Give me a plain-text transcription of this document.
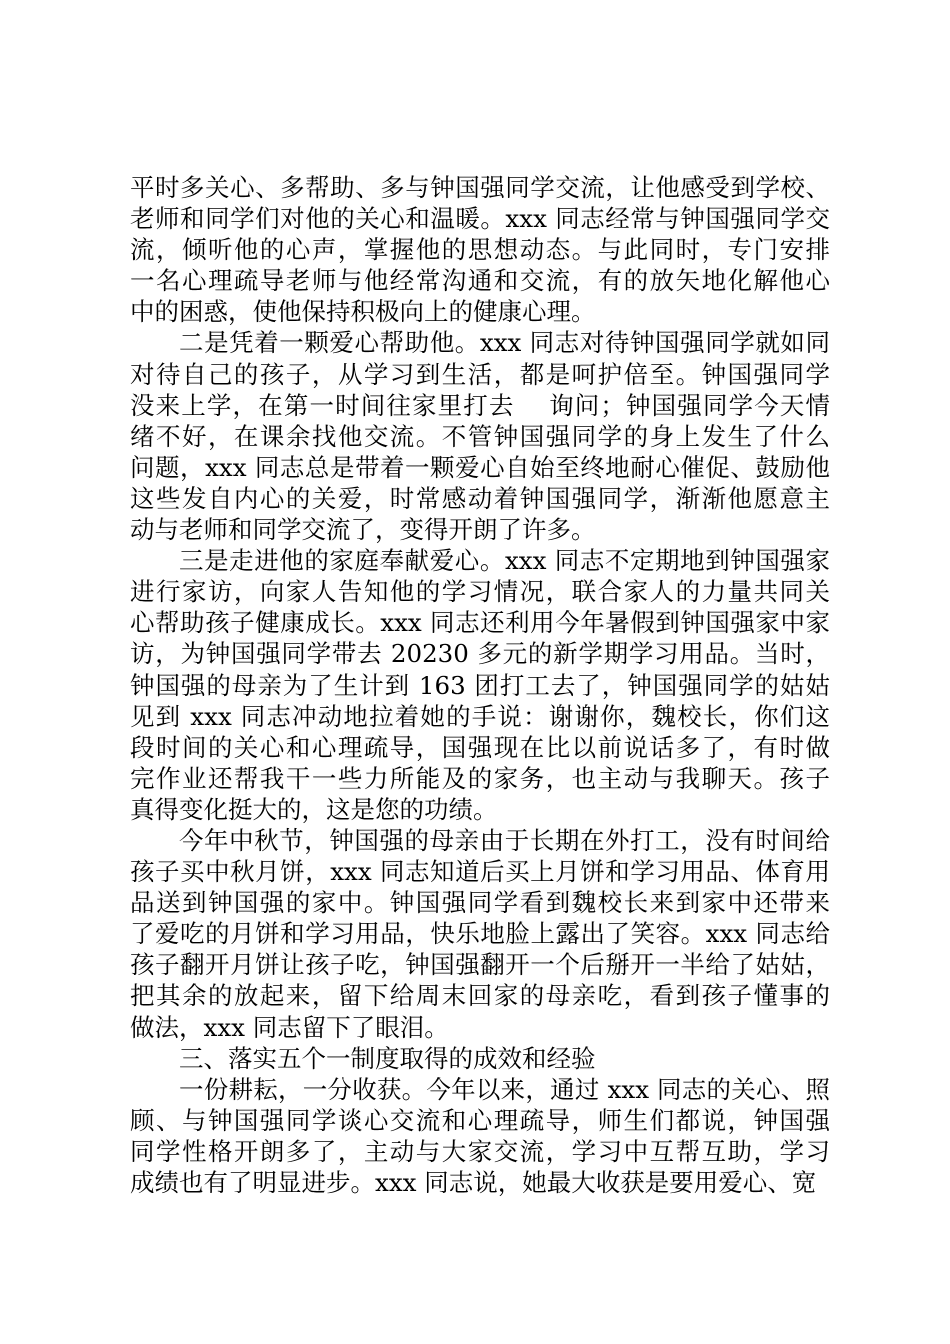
平时多关心、多帮助、多与钟国强同学交流，让他感受到学校、
老师和同学们对他的关心和温暖。xxx 同志经常与钟国强同学交
流，倾听他的心声，掌握他的思想动态。与此同时，专门安排
一名心理疏导老师与他经常沟通和交流，有的放矢地化解他心
中的困惑，使他保持积极向上的健康心理。
二是凭着一颗爱心帮助他。xxx 同志对待钟国强同学就如同
对待自己的孩子，从学习到生活，都是呵护倍至。钟国强同学
没来上学，在第一时间往家里打去　 询问；钟国强同学今天情
绪不好，在课余找他交流。不管钟国强同学的身上发生了什么
问题，xxx 同志总是带着一颗爱心自始至终地耐心催促、鼓励他
这些发自内心的关爱，时常感动着钟国强同学，渐渐他愿意主
动与老师和同学交流了，变得开朗了许多。
三是走进他的家庭奉献爱心。xxx 同志不定期地到钟国强家
进行家访，向家人告知他的学习情况，联合家人的力量共同关
心帮助孩子健康成长。xxx 同志还利用今年暑假到钟国强家中家
访，为钟国强同学带去 20230 多元的新学期学习用品。当时，
钟国强的母亲为了生计到 163 团打工去了，钟国强同学的姑姑
见到 xxx 同志冲动地拉着她的手说：谢谢你，魏校长，你们这
段时间的关心和心理疏导，国强现在比以前说话多了，有时做
完作业还帮我干一些力所能及的家务，也主动与我聊天。孩子
真得变化挺大的，这是您的功绩。
今年中秋节，钟国强的母亲由于长期在外打工，没有时间给
孩子买中秋月饼，xxx 同志知道后买上月饼和学习用品、体育用
品送到钟国强的家中。钟国强同学看到魏校长来到家中还带来
了爱吃的月饼和学习用品，快乐地脸上露出了笑容。xxx 同志给
孩子翻开月饼让孩子吃，钟国强翻开一个后掰开一半给了姑姑，
把其余的放起来，留下给周末回家的母亲吃，看到孩子懂事的
做法，xxx 同志留下了眼泪。
三、落实五个一制度取得的成效和经验
一份耕耘，一分收获。今年以来，通过 xxx 同志的关心、照
顾、与钟国强同学谈心交流和心理疏导，师生们都说，钟国强
同学性格开朗多了，主动与大家交流，学习中互帮互助，学习
成绩也有了明显进步。xxx 同志说，她最大收获是要用爱心、宽
